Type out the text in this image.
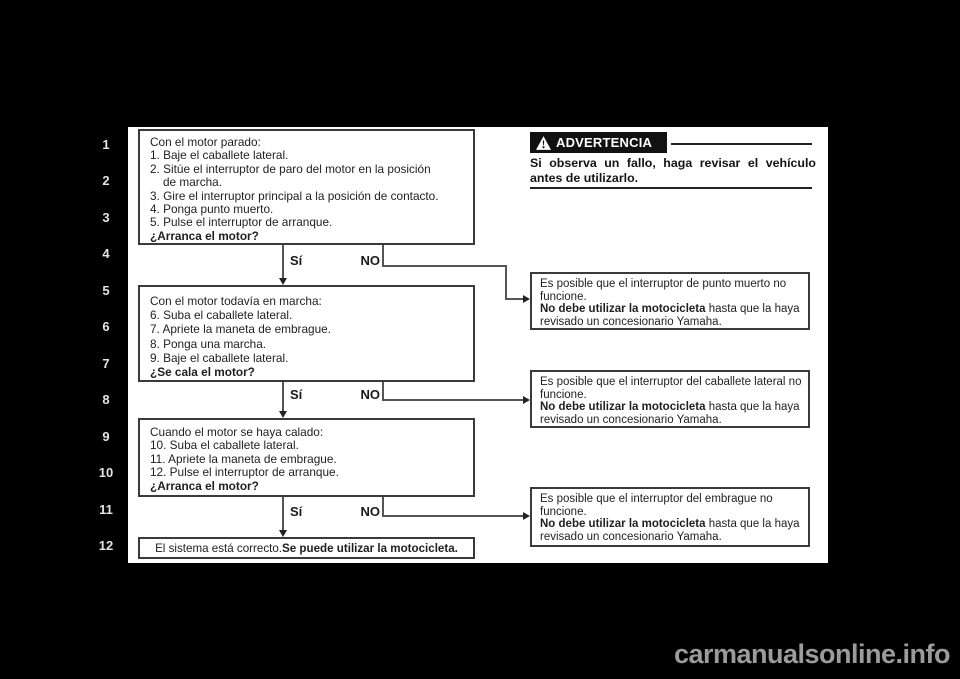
1
2
3
4
5
6
7
8
9
10
11
12
Con el motor parado:
1. Baje el caballete lateral.
2. Sitúe el interruptor de paro del motor en la posición
de marcha.
3. Gire el interruptor principal a la posición de contacto.
4. Ponga punto muerto.
5. Pulse el interruptor de arranque.
¿Arranca el motor?
Sí	NO
Con el motor todavía en marcha:
6. Suba el caballete lateral.
7. Apriete la maneta de embrague.
8. Ponga una marcha.
9. Baje el caballete lateral.
¿Se cala el motor?
Sí	NO
Cuando el motor se haya calado:
10. Suba el caballete lateral.
11. Apriete la maneta de embrague.
12. Pulse el interruptor de arranque.
¿Arranca el motor?
Sí	NO
El sistema está correcto. Se puede utilizar la motocicleta.
ADVERTENCIA
Si observa un fallo, haga revisar el vehículo antes de utilizarlo.
Es posible que el interruptor de punto muerto no funcione.
No debe utilizar la motocicleta hasta que la haya revisado un concesionario Yamaha.
Es posible que el interruptor del caballete lateral no funcione.
No debe utilizar la motocicleta hasta que la haya revisado un concesionario Yamaha.
Es posible que el interruptor del embrague no funcione.
No debe utilizar la motocicleta hasta que la haya revisado un concesionario Yamaha.
carmanualsonline.info
